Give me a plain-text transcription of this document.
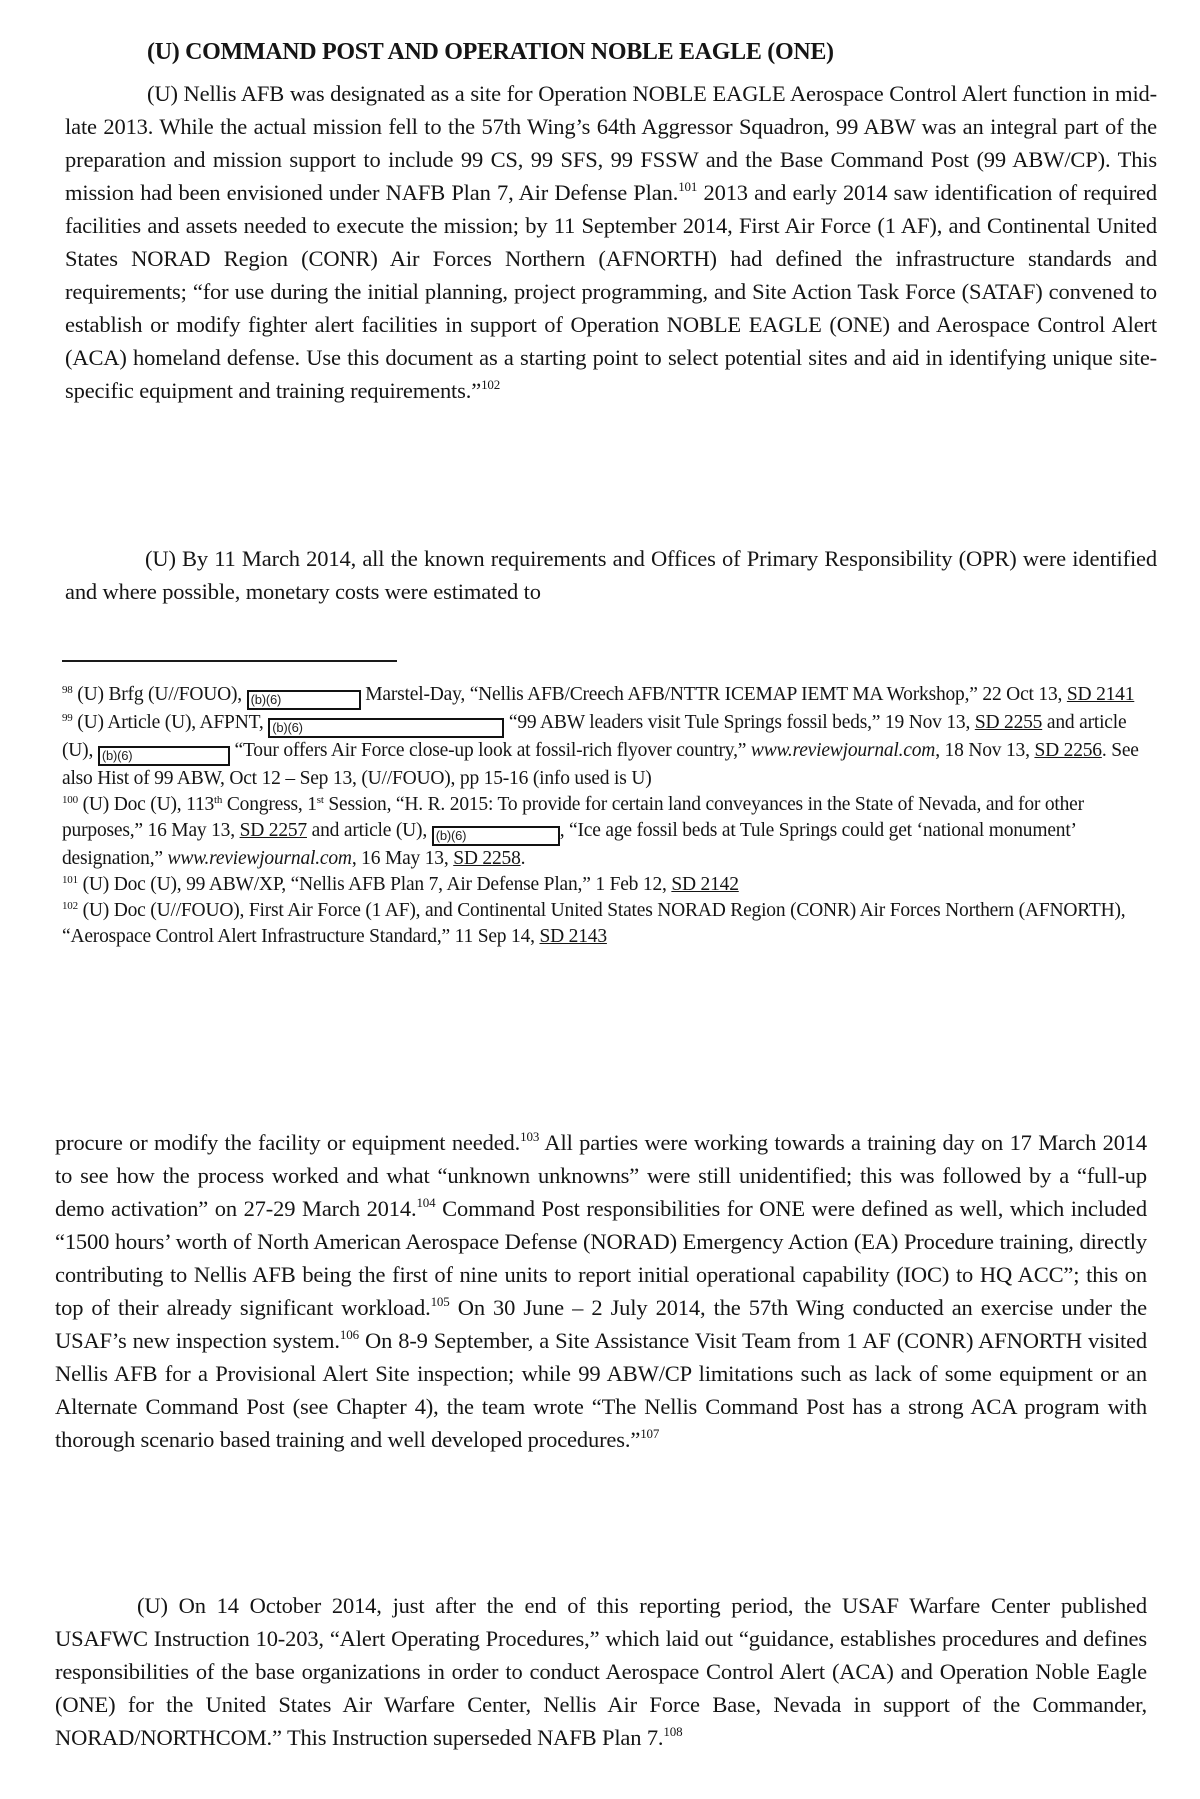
(U) COMMAND POST AND OPERATION NOBLE EAGLE (ONE)

(U) Nellis AFB was designated as a site for Operation NOBLE EAGLE Aerospace Control Alert function in mid-late 2013. While the actual mission fell to the 57th Wing’s 64th Aggressor Squadron, 99 ABW was an integral part of the preparation and mission support to include 99 CS, 99 SFS, 99 FSSW and the Base Command Post (99 ABW/CP). This mission had been envisioned under NAFB Plan 7, Air Defense Plan.$^{101}$ 2013 and early 2014 saw identification of required facilities and assets needed to execute the mission; by 11 September 2014, First Air Force (1 AF), and Continental United States NORAD Region (CONR) Air Forces Northern (AFNORTH) had defined the infrastructure standards and requirements; “for use during the initial planning, project programming, and Site Action Task Force (SATAF) convened to establish or modify fighter alert facilities in support of Operation NOBLE EAGLE (ONE) and Aerospace Control Alert (ACA) homeland defense. Use this document as a starting point to select potential sites and aid in identifying unique site-specific equipment and training requirements.”$^{102}$

(U) By 11 March 2014, all the known requirements and Offices of Primary Responsibility (OPR) were identified and where possible, monetary costs were estimated to

$^{98}$ (U) Brfg (U//FOUO), (b)(6)	Marstel-Day, “Nellis AFB/Creech AFB/NTTR ICEMAP IEMT MA Workshop,” 22 Oct 13, SD 2141

$^{99}$ (U) Article (U), AFPNT, (b)(6)	“99 ABW leaders visit Tule Springs fossil beds,” 19 Nov 13, SD 2255 and article (U), (b)(6)	“Tour offers Air Force close-up look at fossil-rich flyover country,” www.reviewjournal.com, 18 Nov 13, SD 2256. See also Hist of 99 ABW, Oct 12 – Sep 13, (U//FOUO), pp 15-16 (info used is U)

$^{100}$ (U) Doc (U), 113th Congress, 1st Session, “H. R. 2015: To provide for certain land conveyances in the State of Nevada, and for other purposes,” 16 May 13, SD 2257 and article (U), (b)(6)	, “Ice age fossil beds at Tule Springs could get ‘national monument’ designation,” www.reviewjournal.com, 16 May 13, SD 2258.

$^{101}$ (U) Doc (U), 99 ABW/XP, “Nellis AFB Plan 7, Air Defense Plan,” 1 Feb 12, SD 2142

$^{102}$ (U) Doc (U//FOUO), First Air Force (1 AF), and Continental United States NORAD Region (CONR) Air Forces Northern (AFNORTH), “Aerospace Control Alert Infrastructure Standard,” 11 Sep 14, SD 2143

procure or modify the facility or equipment needed.$^{103}$ All parties were working towards a training day on 17 March 2014 to see how the process worked and what “unknown unknowns” were still unidentified; this was followed by a “full-up demo activation” on 27-29 March 2014.$^{104}$ Command Post responsibilities for ONE were defined as well, which included “1500 hours’ worth of North American Aerospace Defense (NORAD) Emergency Action (EA) Procedure training, directly contributing to Nellis AFB being the first of nine units to report initial operational capability (IOC) to HQ ACC”; this on top of their already significant workload.$^{105}$ On 30 June – 2 July 2014, the 57th Wing conducted an exercise under the USAF’s new inspection system.$^{106}$ On 8-9 September, a Site Assistance Visit Team from 1 AF (CONR) AFNORTH visited Nellis AFB for a Provisional Alert Site inspection; while 99 ABW/CP limitations such as lack of some equipment or an Alternate Command Post (see Chapter 4), the team wrote “The Nellis Command Post has a strong ACA program with thorough scenario based training and well developed procedures.”$^{107}$

(U) On 14 October 2014, just after the end of this reporting period, the USAF Warfare Center published USAFWC Instruction 10-203, “Alert Operating Procedures,” which laid out “guidance, establishes procedures and defines responsibilities of the base organizations in order to conduct Aerospace Control Alert (ACA) and Operation Noble Eagle (ONE) for the United States Air Warfare Center, Nellis Air Force Base, Nevada in support of the Commander, NORAD/NORTHCOM.” This Instruction superseded NAFB Plan 7.$^{108}$
